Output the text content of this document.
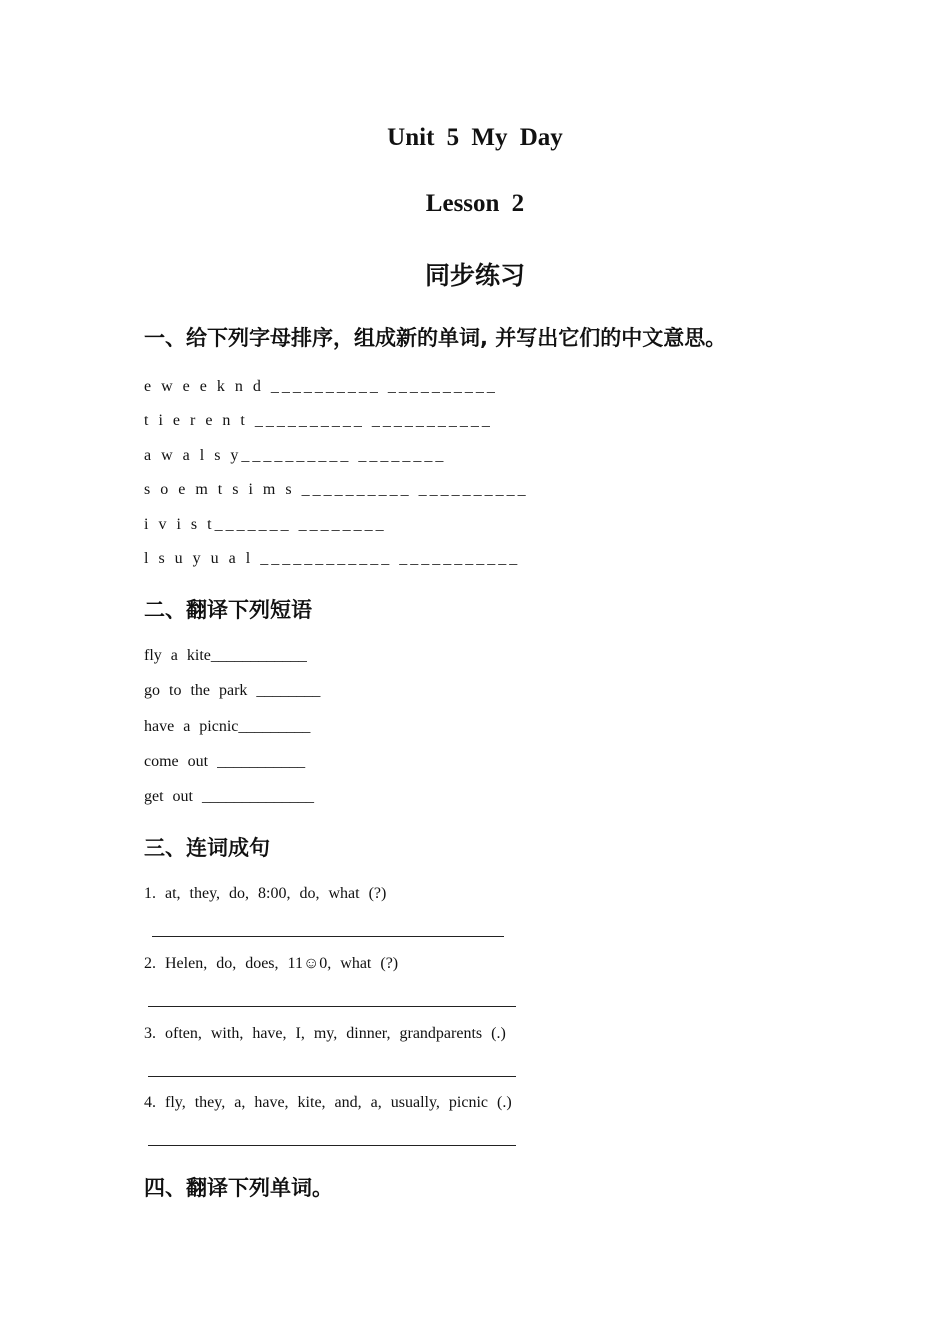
Unit 5 My Day
Lesson 2
同步练习
一、给下列字母排序，组成新的单词, 并写出它们的中文意思。
e w e e k n d __________ __________
t i e r e n t __________ ___________
a w a l s y__________ ________
s o e m t s i m s __________ __________
i v i s t_______ ________
l s u y u a l ____________ ___________
二、翻译下列短语
fly a kite____________
go to the park ________
have a picnic_________
come out ___________
get out ______________
三、连词成句
1. at, they, do, 8:00, do, what (?)
2. Helen, do, does, 11☺0, what (?)
3. often, with, have, I, my, dinner, grandparents (.)
4. fly, they, a, have, kite, and, a, usually, picnic (.)
四、翻译下列单词。
